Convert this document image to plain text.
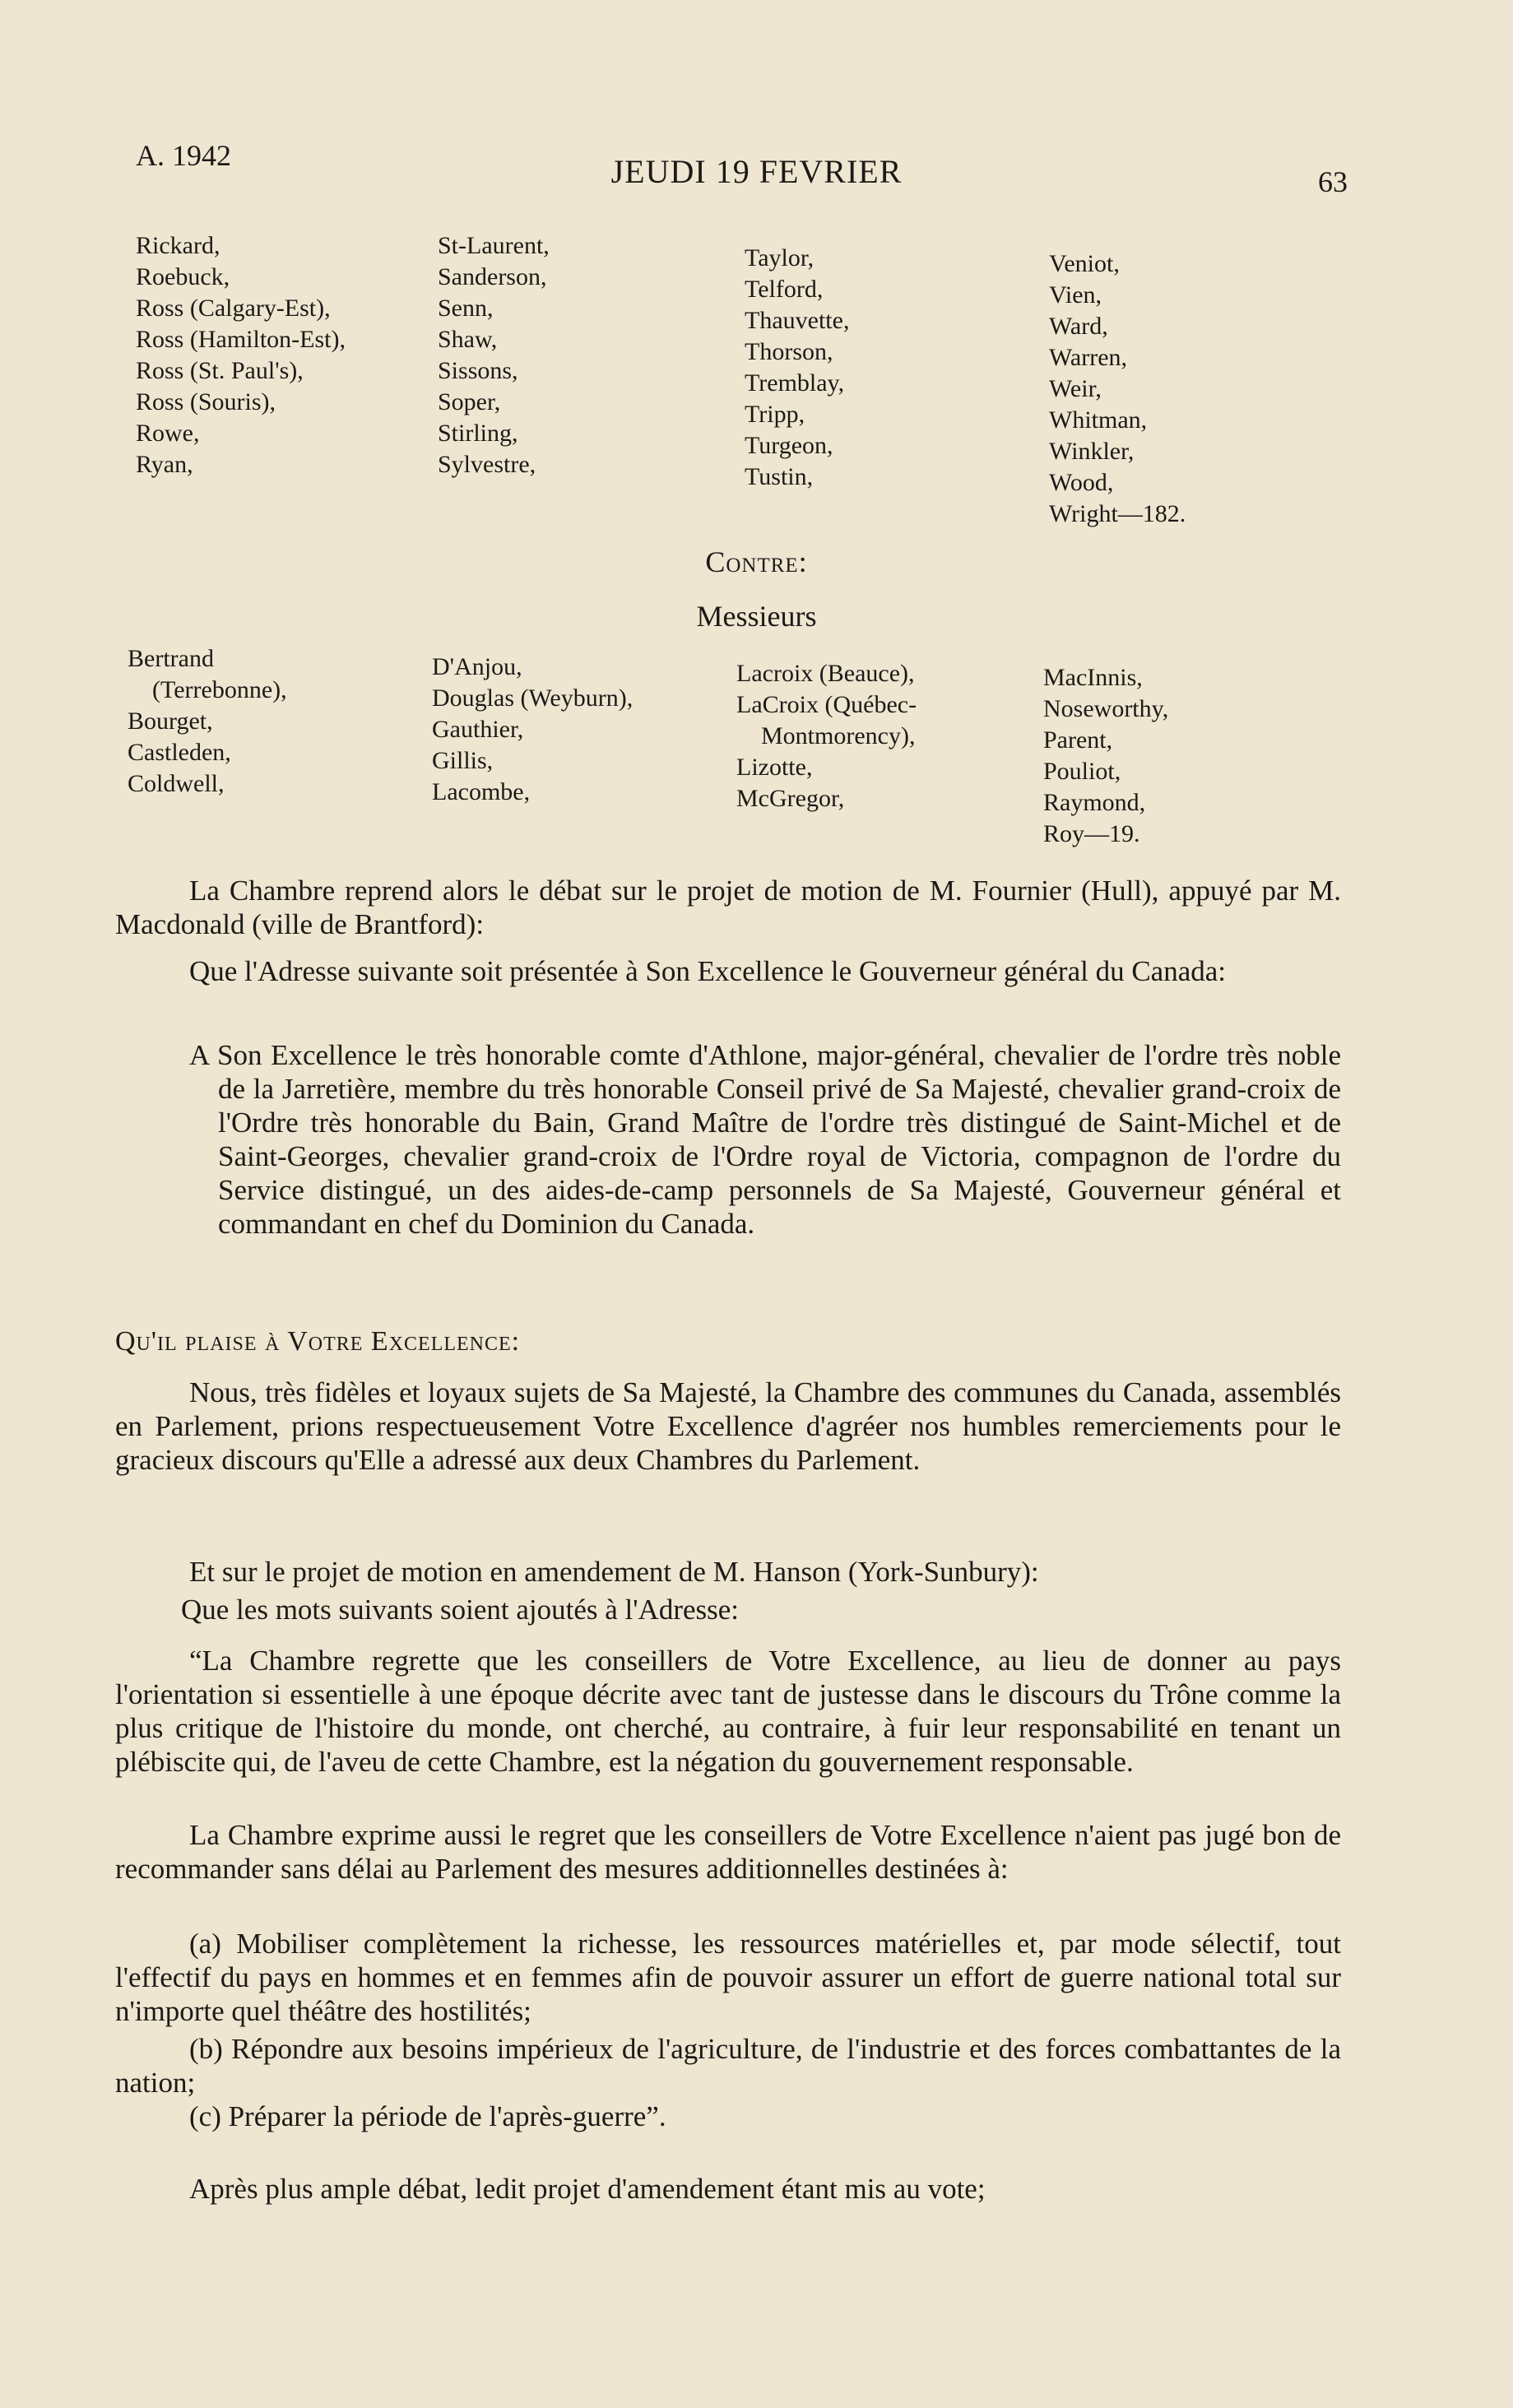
A. 1942	JEUDI 19 FEVRIER	63
Rickard,
Roebuck,
Ross (Calgary-Est),
Ross (Hamilton-Est),
Ross (St. Paul's),
Ross (Souris),
Rowe,
Ryan,
St-Laurent,
Sanderson,
Senn,
Shaw,
Sissons,
Soper,
Stirling,
Sylvestre,
Taylor,
Telford,
Thauvette,
Thorson,
Tremblay,
Tripp,
Turgeon,
Tustin,
Veniot,
Vien,
Ward,
Warren,
Weir,
Whitman,
Winkler,
Wood,
Wright—182.
Contre:
Messieurs
Bertrand
(Terrebonne),
Bourget,
Castleden,
Coldwell,
D'Anjou,
Douglas (Weyburn),
Gauthier,
Gillis,
Lacombe,
Lacroix (Beauce),
LaCroix (Québec-
Montmorency),
Lizotte,
McGregor,
MacInnis,
Noseworthy,
Parent,
Pouliot,
Raymond,
Roy—19.

La Chambre reprend alors le débat sur le projet de motion de M. Fournier (Hull), appuyé par M. Macdonald (ville de Brantford):

Que l'Adresse suivante soit présentée à Son Excellence le Gouverneur général du Canada:

A Son Excellence le très honorable comte d'Athlone, major-général, chevalier de l'ordre très noble de la Jarretière, membre du très honorable Conseil privé de Sa Majesté, chevalier grand-croix de l'Ordre très honorable du Bain, Grand Maître de l'ordre très distingué de Saint-Michel et de Saint-Georges, chevalier grand-croix de l'Ordre royal de Victoria, compagnon de l'ordre du Service distingué, un des aides-de-camp personnels de Sa Majesté, Gouverneur général et commandant en chef du Dominion du Canada.

Qu'il plaise à Votre Excellence:

Nous, très fidèles et loyaux sujets de Sa Majesté, la Chambre des communes du Canada, assemblés en Parlement, prions respectueusement Votre Excellence d'agréer nos humbles remerciements pour le gracieux discours qu'Elle a adressé aux deux Chambres du Parlement.

Et sur le projet de motion en amendement de M. Hanson (York-Sunbury):

Que les mots suivants soient ajoutés à l'Adresse:

“La Chambre regrette que les conseillers de Votre Excellence, au lieu de donner au pays l'orientation si essentielle à une époque décrite avec tant de justesse dans le discours du Trône comme la plus critique de l'histoire du monde, ont cherché, au contraire, à fuir leur responsabilité en tenant un plébiscite qui, de l'aveu de cette Chambre, est la négation du gouvernement responsable.

La Chambre exprime aussi le regret que les conseillers de Votre Excellence n'aient pas jugé bon de recommander sans délai au Parlement des mesures additionnelles destinées à:

(a) Mobiliser complètement la richesse, les ressources matérielles et, par mode sélectif, tout l'effectif du pays en hommes et en femmes afin de pouvoir assurer un effort de guerre national total sur n'importe quel théâtre des hostilités;

(b) Répondre aux besoins impérieux de l'agriculture, de l'industrie et des forces combattantes de la nation;

(c) Préparer la période de l'après-guerre”.

Après plus ample débat, ledit projet d'amendement étant mis au vote;
